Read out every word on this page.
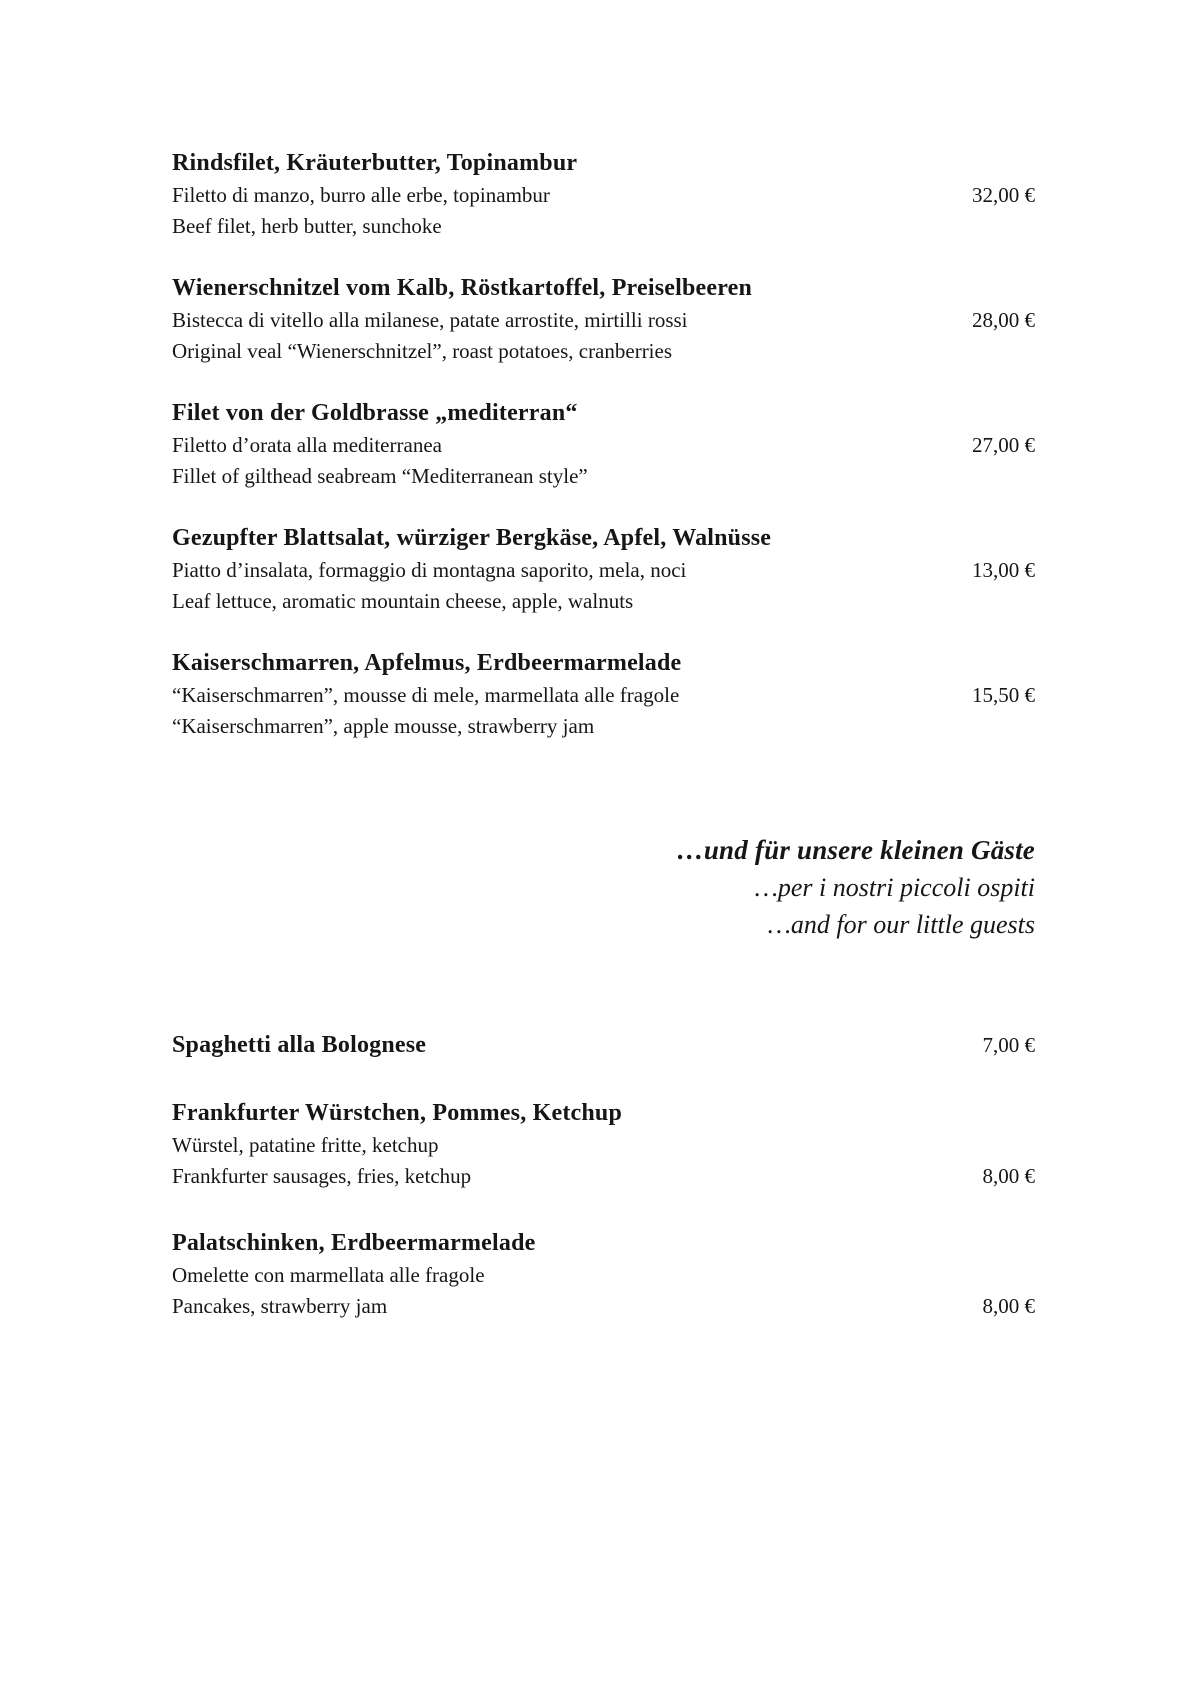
Rindsfilet, Kräuterbutter, Topinambur
Filetto di manzo, burro alle erbe, topinambur	32,00 €
Beef filet, herb butter, sunchoke
Wienerschnitzel vom Kalb, Röstkartoffel, Preiselbeeren
Bistecca di vitello alla milanese, patate arrostite, mirtilli rossi	28,00 €
Original veal “Wienerschnitzel”, roast potatoes, cranberries
Filet von der Goldbrasse „mediterran“
Filetto d’orata alla mediterranea	27,00 €
Fillet of gilthead seabream “Mediterranean style”
Gezupfter Blattsalat, würziger Bergkäse, Apfel, Walnüsse
Piatto d’insalata, formaggio di montagna saporito, mela, noci	13,00 €
Leaf lettuce, aromatic mountain cheese, apple, walnuts
Kaiserschmarren, Apfelmus, Erdbeermarmelade
“Kaiserschmarren”, mousse di mele, marmellata alle fragole	15,50 €
“Kaiserschmarren”, apple mousse, strawberry jam
…und für unsere kleinen Gäste
…per i nostri piccoli ospiti
…and for our little guests
Spaghetti alla Bolognese	7,00 €
Frankfurter Würstchen, Pommes, Ketchup
Würstel, patatine fritte, ketchup
Frankfurter sausages, fries, ketchup	8,00 €
Palatschinken, Erdbeermarmelade
Omelette con marmellata alle fragole
Pancakes, strawberry jam	8,00 €
